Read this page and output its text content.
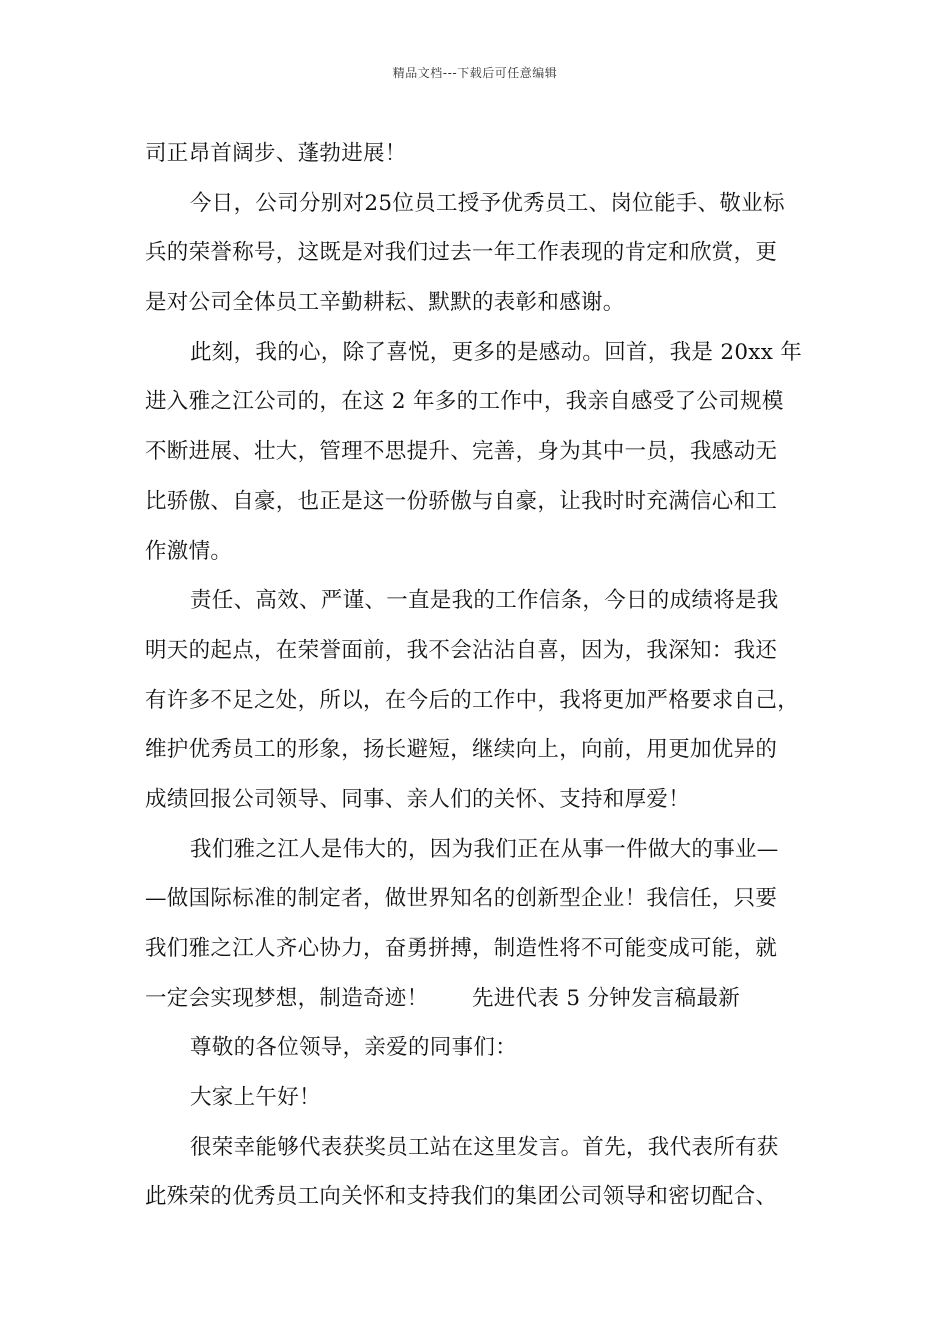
精品文档---下载后可任意编辑
司正昂首阔步、蓬勃进展！
今日，公司分别对25位员工授予优秀员工、岗位能手、敬业标
兵的荣誉称号，这既是对我们过去一年工作表现的肯定和欣赏，更
是对公司全体员工辛勤耕耘、默默的表彰和感谢。
此刻，我的心，除了喜悦，更多的是感动。回首，我是 20xx 年
进入雅之江公司的，在这 2 年多的工作中，我亲自感受了公司规模
不断进展、壮大，管理不思提升、完善，身为其中一员，我感动无
比骄傲、自豪，也正是这一份骄傲与自豪，让我时时充满信心和工
作激情。
责任、高效、严谨、一直是我的工作信条，今日的成绩将是我
明天的起点，在荣誉面前，我不会沾沾自喜，因为，我深知：我还
有许多不足之处，所以，在今后的工作中，我将更加严格要求自己，
维护优秀员工的形象，扬长避短，继续向上，向前，用更加优异的
成绩回报公司领导、同事、亲人们的关怀、支持和厚爱！
我们雅之江人是伟大的，因为我们正在从事一件做大的事业—
—做国际标准的制定者，做世界知名的创新型企业！我信任，只要
我们雅之江人齐心协力，奋勇拼搏，制造性将不可能变成可能，就
一定会实现梦想，制造奇迹！　　先进代表 5 分钟发言稿最新
尊敬的各位领导，亲爱的同事们：
大家上午好！
很荣幸能够代表获奖员工站在这里发言。首先，我代表所有获
此殊荣的优秀员工向关怀和支持我们的集团公司领导和密切配合、
